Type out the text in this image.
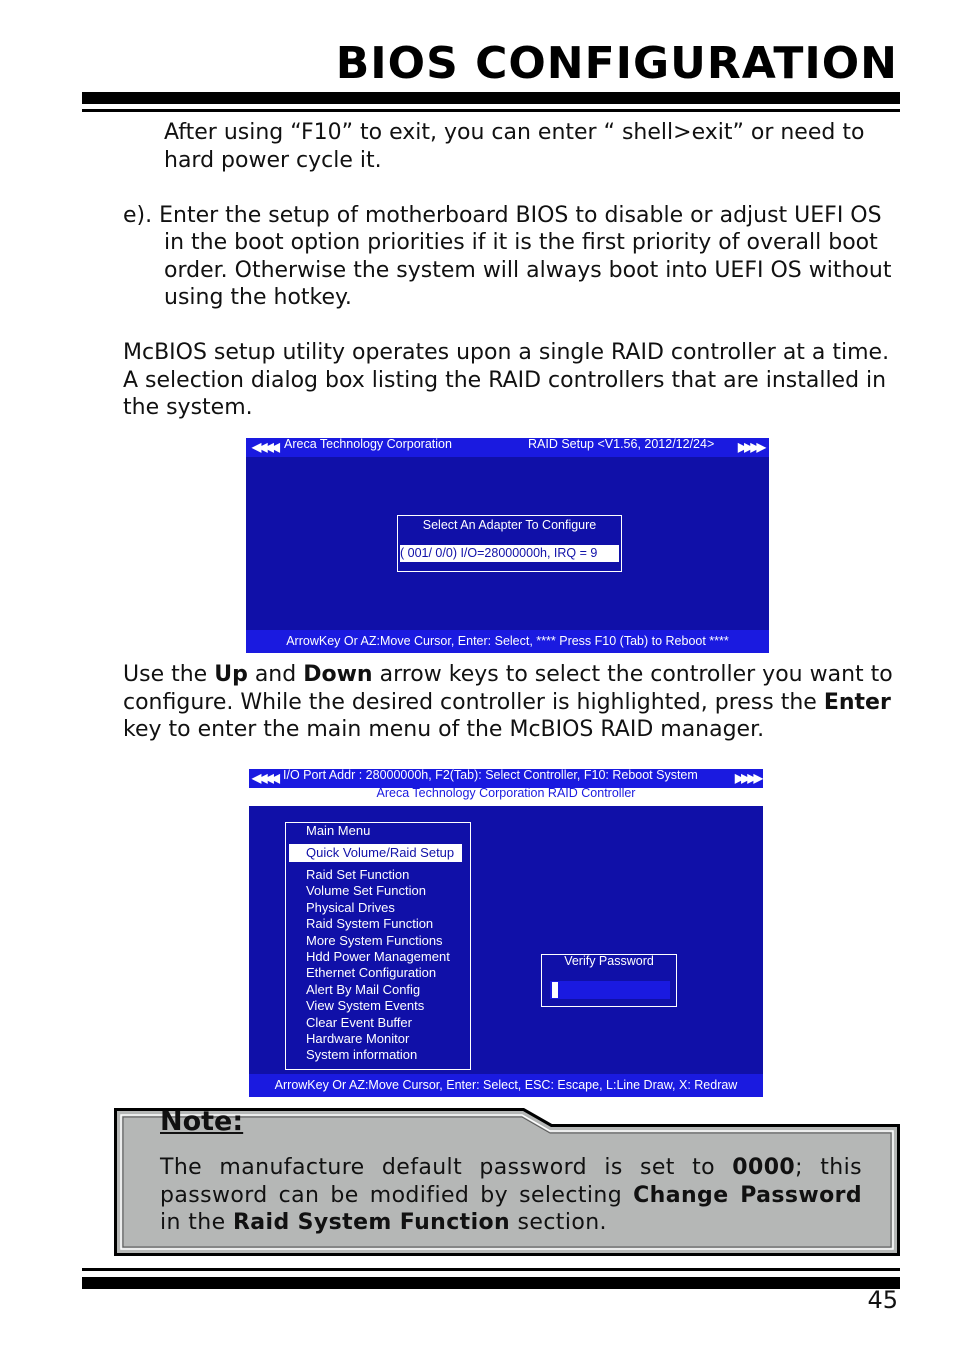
BIOS CONFIGURATION

After using “F10” to exit, you can enter “ shell>exit” or need to hard power cycle it.

e). Enter the setup of motherboard BIOS to disable or adjust UEFI OS in the boot option priorities if it is the first priority of overall boot order. Otherwise the system will always boot into UEFI OS without using the hotkey.

McBIOS setup utility operates upon a single RAID controller at a time. A selection dialog box listing the RAID controllers that are installed in the system.

◀◀◀◀ Areca Technology Corporation	RAID Setup <V1.56, 2012/12/24> ▶▶▶▶
Select An Adapter To Configure
( 001/ 0/0) I/O=28000000h, IRQ = 9
ArrowKey Or AZ:Move Cursor, Enter: Select, **** Press F10 (Tab) to Reboot ****

Use the Up and Down arrow keys to select the controller you want to configure. While the desired controller is highlighted, press the Enter key to enter the main menu of the McBIOS RAID manager.

◀◀◀◀ I/O Port Addr : 28000000h, F2(Tab): Select Controller, F10: Reboot System	▶▶▶▶
Areca Technology Corporation RAID Controller
Main Menu
Quick Volume/Raid Setup
Raid Set Function
Volume Set Function
Physical Drives
Raid System Function
More System Functions
Hdd Power Management
Ethernet Configuration
Alert By Mail Config
View System Events
Clear Event Buffer
Hardware Monitor
System information
Verify Password
ArrowKey Or AZ:Move Cursor, Enter: Select, ESC: Escape, L:Line Draw, X: Redraw
Note:
The manufacture default password is set to 0000; this password can be modified by selecting Change Password in the Raid System Function section.
45
